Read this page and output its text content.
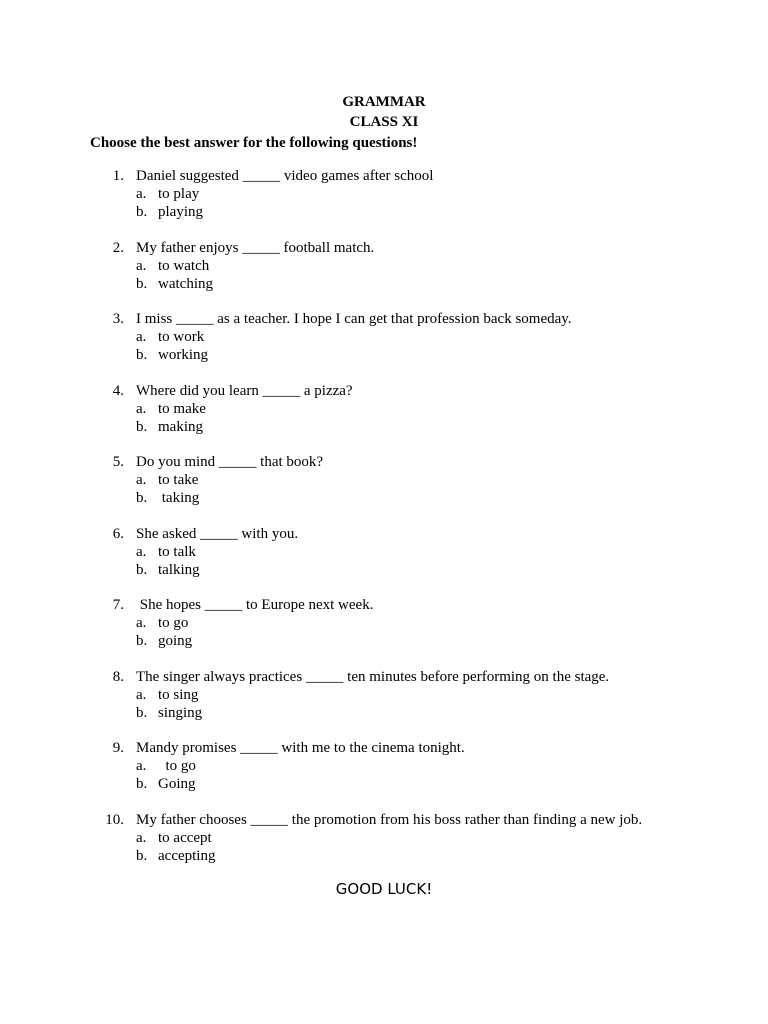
GRAMMAR
CLASS XI
Choose the best answer for the following questions!
1. Daniel suggested _____ video games after school
a. to play
b. playing
2. My father enjoys _____ football match.
a. to watch
b. watching
3. I miss _____ as a teacher. I hope I can get that profession back someday.
a. to work
b. working
4. Where did you learn _____ a pizza?
a. to make
b. making
5. Do you mind _____ that book?
a. to take
b. taking
6. She asked _____ with you.
a. to talk
b. talking
7. She hopes _____ to Europe next week.
a. to go
b. going
8. The singer always practices _____ ten minutes before performing on the stage.
a. to sing
b. singing
9. Mandy promises _____ with me to the cinema tonight.
a.  to go
b. Going
10. My father chooses _____ the promotion from his boss rather than finding a new job.
a. to accept
b. accepting
GOOD LUCK!
